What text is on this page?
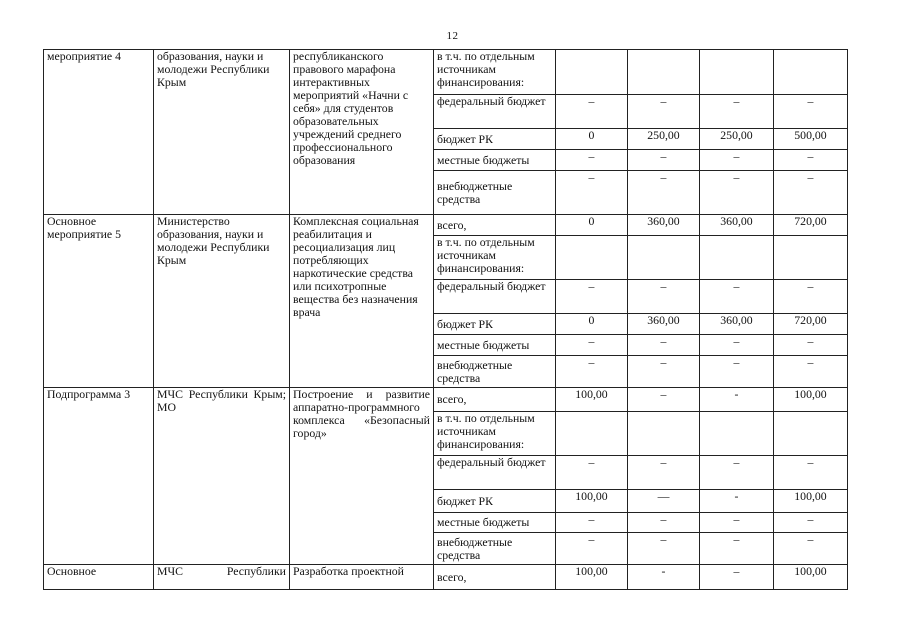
12
мероприятие 4	образования, науки и молодежи Республики Крым	республиканского правового марафона интерактивных мероприятий «Начни с себя» для студентов образовательных учреждений среднего профессионального образования	в т.ч. по отдельным источникам финансирования:				
			федеральный бюджет	–	–	–	–
			бюджет РК	0	250,00	250,00	500,00
			местные бюджеты	–	–	–	–
			внебюджетные средства	–	–	–	–
Основное мероприятие 5	Министерство образования, науки и молодежи Республики Крым	Комплексная социальная реабилитация и ресоциализация лиц потребляющих наркотические средства или психотропные вещества без назначения врача	всего,	0	360,00	360,00	720,00
			в т.ч. по отдельным источникам финансирования:				
			федеральный бюджет	–	–	–	–
			бюджет РК	0	360,00	360,00	720,00
			местные бюджеты	–	–	–	–
			внебюджетные средства	–	–	–	–
Подпрограмма 3	МЧС Республики Крым; МО	Построение и развитие аппаратно-программного комплекса «Безопасный город»	всего,	100,00	–	-	100,00
			в т.ч. по отдельным источникам финансирования:				
			федеральный бюджет	–	–	–	–
			бюджет РК	100,00	—	-	100,00
			местные бюджеты	–	–	–	–
			внебюджетные средства	–	–	–	–
Основное	МЧС Республики	Разработка проектной	всего,	100,00	-	–	100,00
